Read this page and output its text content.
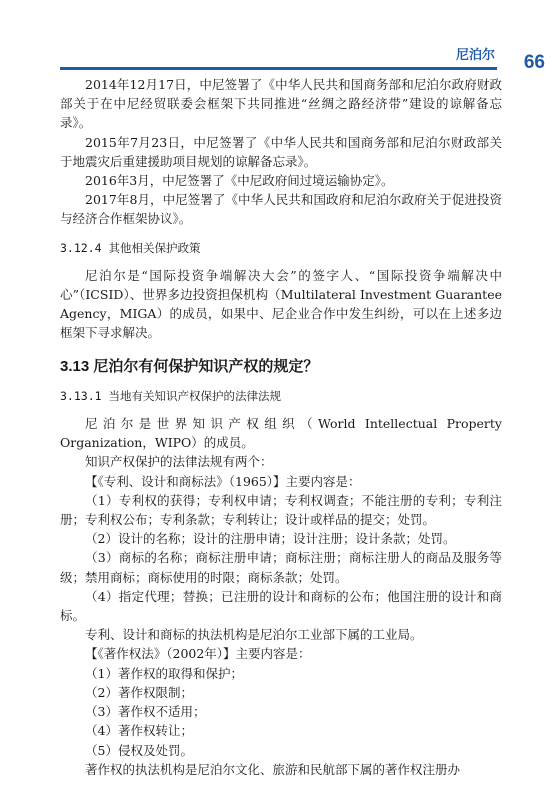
尼泊尔 66

2014年12月17日，中尼签署了《中华人民共和国商务部和尼泊尔政府财政部关于在中尼经贸联委会框架下共同推进“丝绸之路经济带”建设的谅解备忘录》。

2015年7月23日，中尼签署了《中华人民共和国商务部和尼泊尔财政部关于地震灾后重建援助项目规划的谅解备忘录》。

2016年3月，中尼签署了《中尼政府间过境运输协定》。

2017年8月，中尼签署了《中华人民共和国政府和尼泊尔政府关于促进投资与经济合作框架协议》。

3.12.4 其他相关保护政策

尼泊尔是“国际投资争端解决大会”的签字人、“国际投资争端解决中心”（ICSID）、世界多边投资担保机构（Multilateral Investment Guarantee Agency，MIGA）的成员，如果中、尼企业合作中发生纠纷，可以在上述多边框架下寻求解决。

3.13 尼泊尔有何保护知识产权的规定？

3.13.1 当地有关知识产权保护的法律法规

尼泊尔是世界知识产权组织（World Intellectual Property Organization，WIPO）的成员。

知识产权保护的法律法规有两个：

【《专利、设计和商标法》（1965）】主要内容是：

（1）专利权的获得；专利权申请；专利权调查；不能注册的专利；专利注册；专利权公布；专利条款；专利转让；设计或样品的提交；处罚。

（2）设计的名称；设计的注册申请；设计注册；设计条款；处罚。

（3）商标的名称；商标注册申请；商标注册；商标注册人的商品及服务等级；禁用商标；商标使用的时限；商标条款；处罚。

（4）指定代理；替换；已注册的设计和商标的公布；他国注册的设计和商标。

专利、设计和商标的执法机构是尼泊尔工业部下属的工业局。

【《著作权法》（2002年）】主要内容是：

（1）著作权的取得和保护；

（2）著作权限制；

（3）著作权不适用；

（4）著作权转让；

（5）侵权及处罚。

著作权的执法机构是尼泊尔文化、旅游和民航部下属的著作权注册办
